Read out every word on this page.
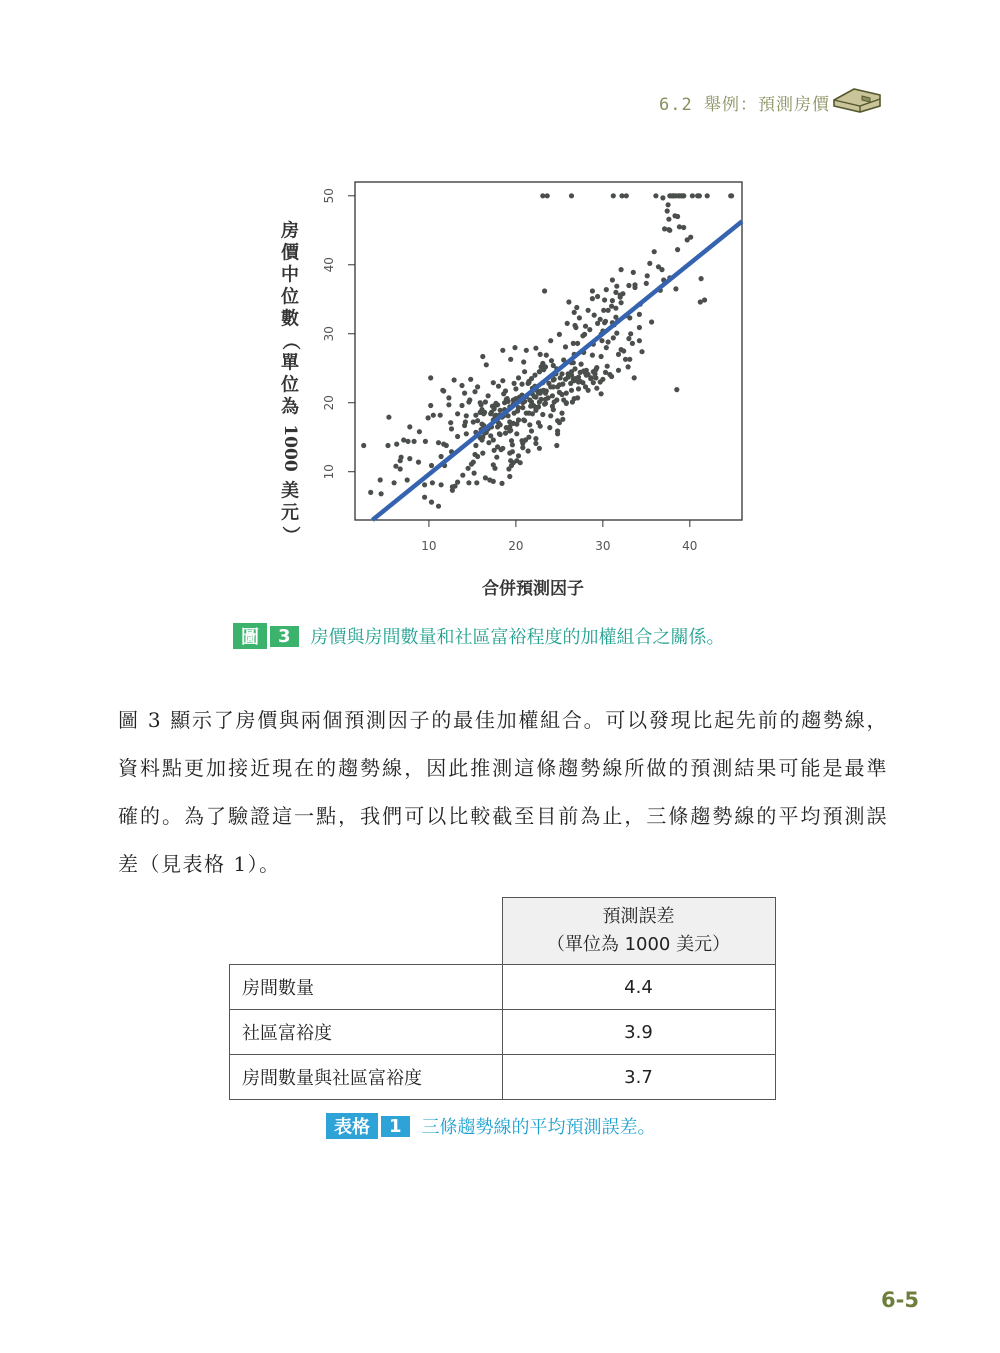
6.2 舉例：預測房價
房
價
中
位
數
（
單
位
為
1000
美
元
）
10
20
30
40
50
10	20	30	40
合併預測因子
圖	3	房價與房間數量和社區富裕程度的加權組合之關係。
圖 3 顯示了房價與兩個預測因子的最佳加權組合。可以發現比起先前的趨勢線，資料點更加接近現在的趨勢線，因此推測這條趨勢線所做的預測結果可能是最準確的。為了驗證這一點，我們可以比較截至目前為止，三條趨勢線的平均預測誤差（見表格 1）。

	預測誤差
（單位為 1000 美元）

房間數量	4.4
社區富裕度	3.9
房間數量與社區富裕度	3.7
表格	1	三條趨勢線的平均預測誤差。
6-5
